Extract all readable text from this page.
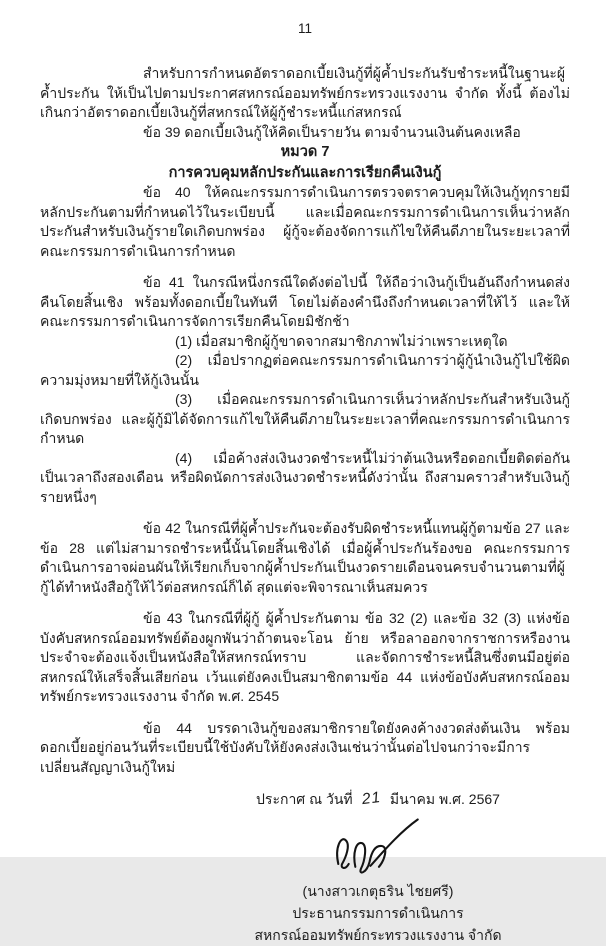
11

สำหรับการกำหนดอัตราดอกเบี้ยเงินกู้ที่ผู้ค้ำประกันรับชำระหนี้ในฐานะผู้ค้ำประกัน ให้เป็นไปตามประกาศสหกรณ์ออมทรัพย์กระทรวงแรงงาน จำกัด ทั้งนี้ ต้องไม่เกินกว่าอัตราดอกเบี้ยเงินกู้ที่สหกรณ์ให้ผู้กู้ชำระหนี้แก่สหกรณ์

ข้อ 39 ดอกเบี้ยเงินกู้ให้คิดเป็นรายวัน ตามจำนวนเงินต้นคงเหลือ

หมวด 7

การควบคุมหลักประกันและการเรียกคืนเงินกู้

ข้อ 40 ให้คณะกรรมการดำเนินการตรวจตราควบคุมให้เงินกู้ทุกรายมีหลักประกันตามที่กำหนดไว้ในระเบียบนี้ และเมื่อคณะกรรมการดำเนินการเห็นว่าหลักประกันสำหรับเงินกู้รายใดเกิดบกพร่อง ผู้กู้จะต้องจัดการแก้ไขให้คืนดีภายในระยะเวลาที่คณะกรรมการดำเนินการกำหนด

ข้อ 41 ในกรณีหนึ่งกรณีใดดังต่อไปนี้ ให้ถือว่าเงินกู้เป็นอันถึงกำหนดส่งคืนโดยสิ้นเชิง พร้อมทั้งดอกเบี้ยในทันที โดยไม่ต้องคำนึงถึงกำหนดเวลาที่ให้ไว้ และให้คณะกรรมการดำเนินการจัดการเรียกคืนโดยมิชักช้า

(1) เมื่อสมาชิกผู้กู้ขาดจากสมาชิกภาพไม่ว่าเพราะเหตุใด

(2) เมื่อปรากฏต่อคณะกรรมการดำเนินการว่าผู้กู้นำเงินกู้ไปใช้ผิดความมุ่งหมายที่ให้กู้เงินนั้น

(3) เมื่อคณะกรรมการดำเนินการเห็นว่าหลักประกันสำหรับเงินกู้เกิดบกพร่อง และผู้กู้มิได้จัดการแก้ไขให้คืนดีภายในระยะเวลาที่คณะกรรมการดำเนินการกำหนด

(4) เมื่อค้างส่งเงินงวดชำระหนี้ไม่ว่าต้นเงินหรือดอกเบี้ยติดต่อกันเป็นเวลาถึงสองเดือน หรือผิดนัดการส่งเงินงวดชำระหนี้ดังว่านั้น ถึงสามคราวสำหรับเงินกู้รายหนึ่งๆ

ข้อ 42 ในกรณีที่ผู้ค้ำประกันจะต้องรับผิดชำระหนี้แทนผู้กู้ตามข้อ 27 และข้อ 28 แต่ไม่สามารถชำระหนี้นั้นโดยสิ้นเชิงได้ เมื่อผู้ค้ำประกันร้องขอ คณะกรรมการดำเนินการอาจผ่อนผันให้เรียกเก็บจากผู้ค้ำประกันเป็นงวดรายเดือนจนครบจำนวนตามที่ผู้กู้ได้ทำหนังสือกู้ให้ไว้ต่อสหกรณ์ก็ได้ สุดแต่จะพิจารณาเห็นสมควร

ข้อ 43 ในกรณีที่ผู้กู้ ผู้ค้ำประกันตาม ข้อ 32 (2) และข้อ 32 (3) แห่งข้อบังคับสหกรณ์ออมทรัพย์ต้องผูกพันว่าถ้าตนจะโอน ย้าย หรือลาออกจากราชการหรืองานประจำจะต้องแจ้งเป็นหนังสือให้สหกรณ์ทราบ และจัดการชำระหนี้สินซึ่งตนมีอยู่ต่อสหกรณ์ให้เสร็จสิ้นเสียก่อน เว้นแต่ยังคงเป็นสมาชิกตามข้อ 44 แห่งข้อบังคับสหกรณ์ออมทรัพย์กระทรวงแรงงาน จำกัด พ.ศ. 2545

ข้อ 44 บรรดาเงินกู้ของสมาชิกรายใดยังคงค้างงวดส่งต้นเงิน พร้อมดอกเบี้ยอยู่ก่อนวันที่ระเบียบนี้ใช้บังคับให้ยังคงส่งเงินเช่นว่านั้นต่อไปจนกว่าจะมีการเปลี่ยนสัญญาเงินกู้ใหม่

ประกาศ ณ วันที่ 21 มีนาคม พ.ศ. 2567
(นางสาวเกตุธริน ไชยศรี)
ประธานกรรมการดำเนินการ
สหกรณ์ออมทรัพย์กระทรวงแรงงาน จำกัด
